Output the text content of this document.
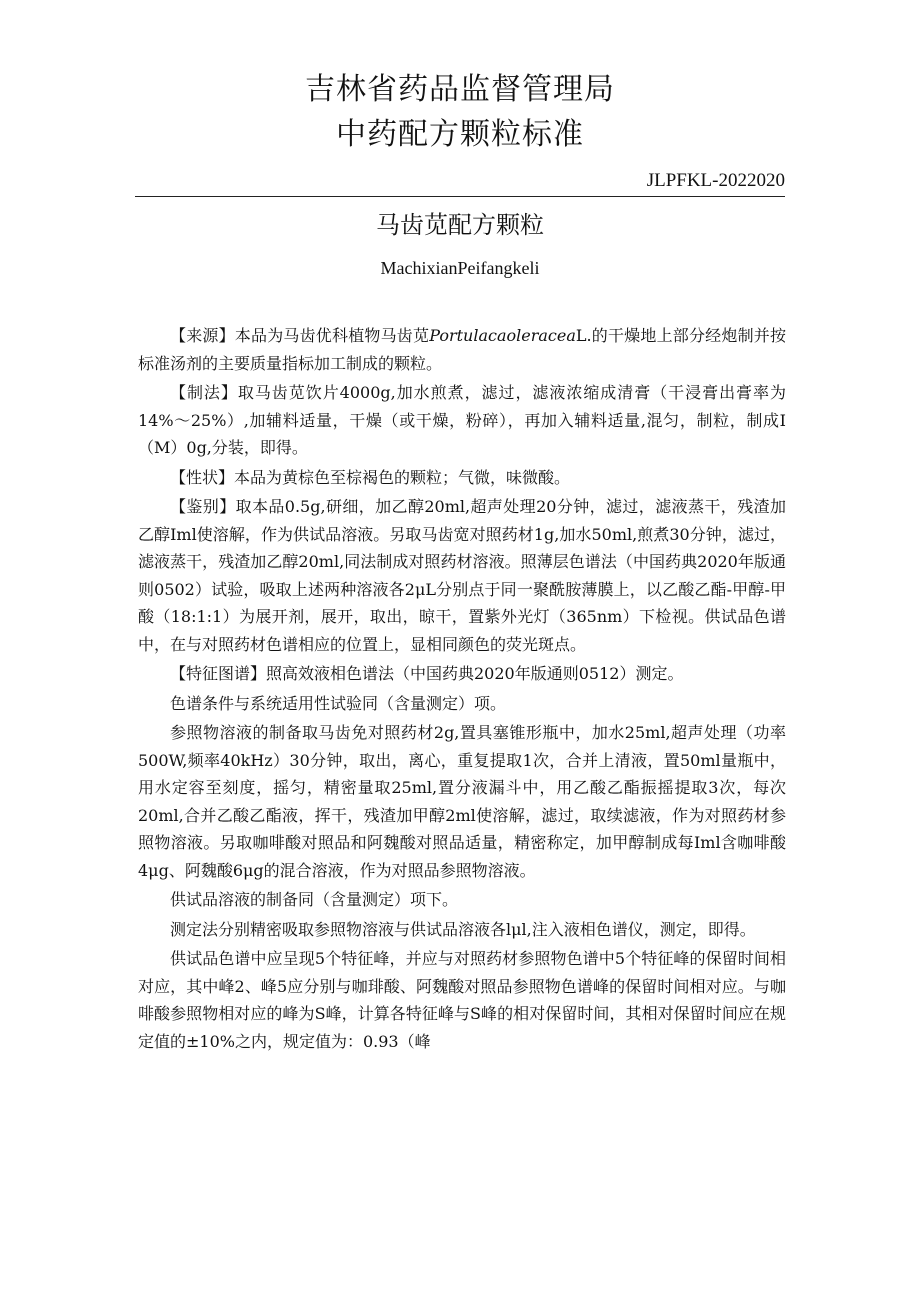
吉林省药品监督管理局
中药配方颗粒标准
JLPFKL-2022020
马齿苋配方颗粒
MachixianPeifangkeli

【来源】本品为马齿优科植物马齿苋PortulacaoleraceaL.的干燥地上部分经炮制并按标准汤剂的主要质量指标加工制成的颗粒。

【制法】取马齿苋饮片4000g,加水煎煮，滤过，滤液浓缩成清膏（干浸膏出膏率为14%～25%）,加辅料适量，干燥（或干燥，粉碎），再加入辅料适量,混匀，制粒，制成I（M）0g,分装，即得。

【性状】本品为黄棕色至棕褐色的颗粒；气微，味微酸。

【鉴别】取本品0.5g,研细，加乙醇20ml,超声处理20分钟，滤过，滤液蒸干，残渣加乙醇Iml使溶解，作为供试品溶液。另取马齿宽对照药材1g,加水50ml,煎煮30分钟，滤过，滤液蒸干，残渣加乙醇20ml,同法制成对照药材溶液。照薄层色谱法（中国药典2020年版通则0502）试验，吸取上述两种溶液各2μL分别点于同一聚酰胺薄膜上，以乙酸乙酯-甲醇-甲酸（18:1:1）为展开剂，展开，取出，晾干，置紫外光灯（365nm）下检视。供试品色谱中，在与对照药材色谱相应的位置上，显相同颜色的荧光斑点。

【特征图谱】照高效液相色谱法（中国药典2020年版通则0512）测定。

色谱条件与系统适用性试验同（含量测定）项。

参照物溶液的制备取马齿免对照药材2g,置具塞锥形瓶中，加水25ml,超声处理（功率500W,频率40kHz）30分钟，取出，离心，重复提取1次，合并上清液，置50ml量瓶中，用水定容至刻度，摇匀，精密量取25ml,置分液漏斗中，用乙酸乙酯振摇提取3次，每次20ml,合并乙酸乙酯液，挥干，残渣加甲醇2ml使溶解，滤过，取续滤液，作为对照药材参照物溶液。另取咖啡酸对照品和阿魏酸对照品适量，精密称定，加甲醇制成每Iml含咖啡酸4μg、阿魏酸6μg的混合溶液，作为对照品参照物溶液。

供试品溶液的制备同（含量测定）项下。

测定法分别精密吸取参照物溶液与供试品溶液各lμl,注入液相色谱仪，测定，即得。

供试品色谱中应呈现5个特征峰，并应与对照药材参照物色谱中5个特征峰的保留时间相对应，其中峰2、峰5应分别与咖琲酸、阿魏酸对照品参照物色谱峰的保留时间相对应。与咖啡酸参照物相对应的峰为S峰，计算各特征峰与S峰的相对保留时间，其相对保留时间应在规定值的±10%之内，规定值为：0.93（峰
